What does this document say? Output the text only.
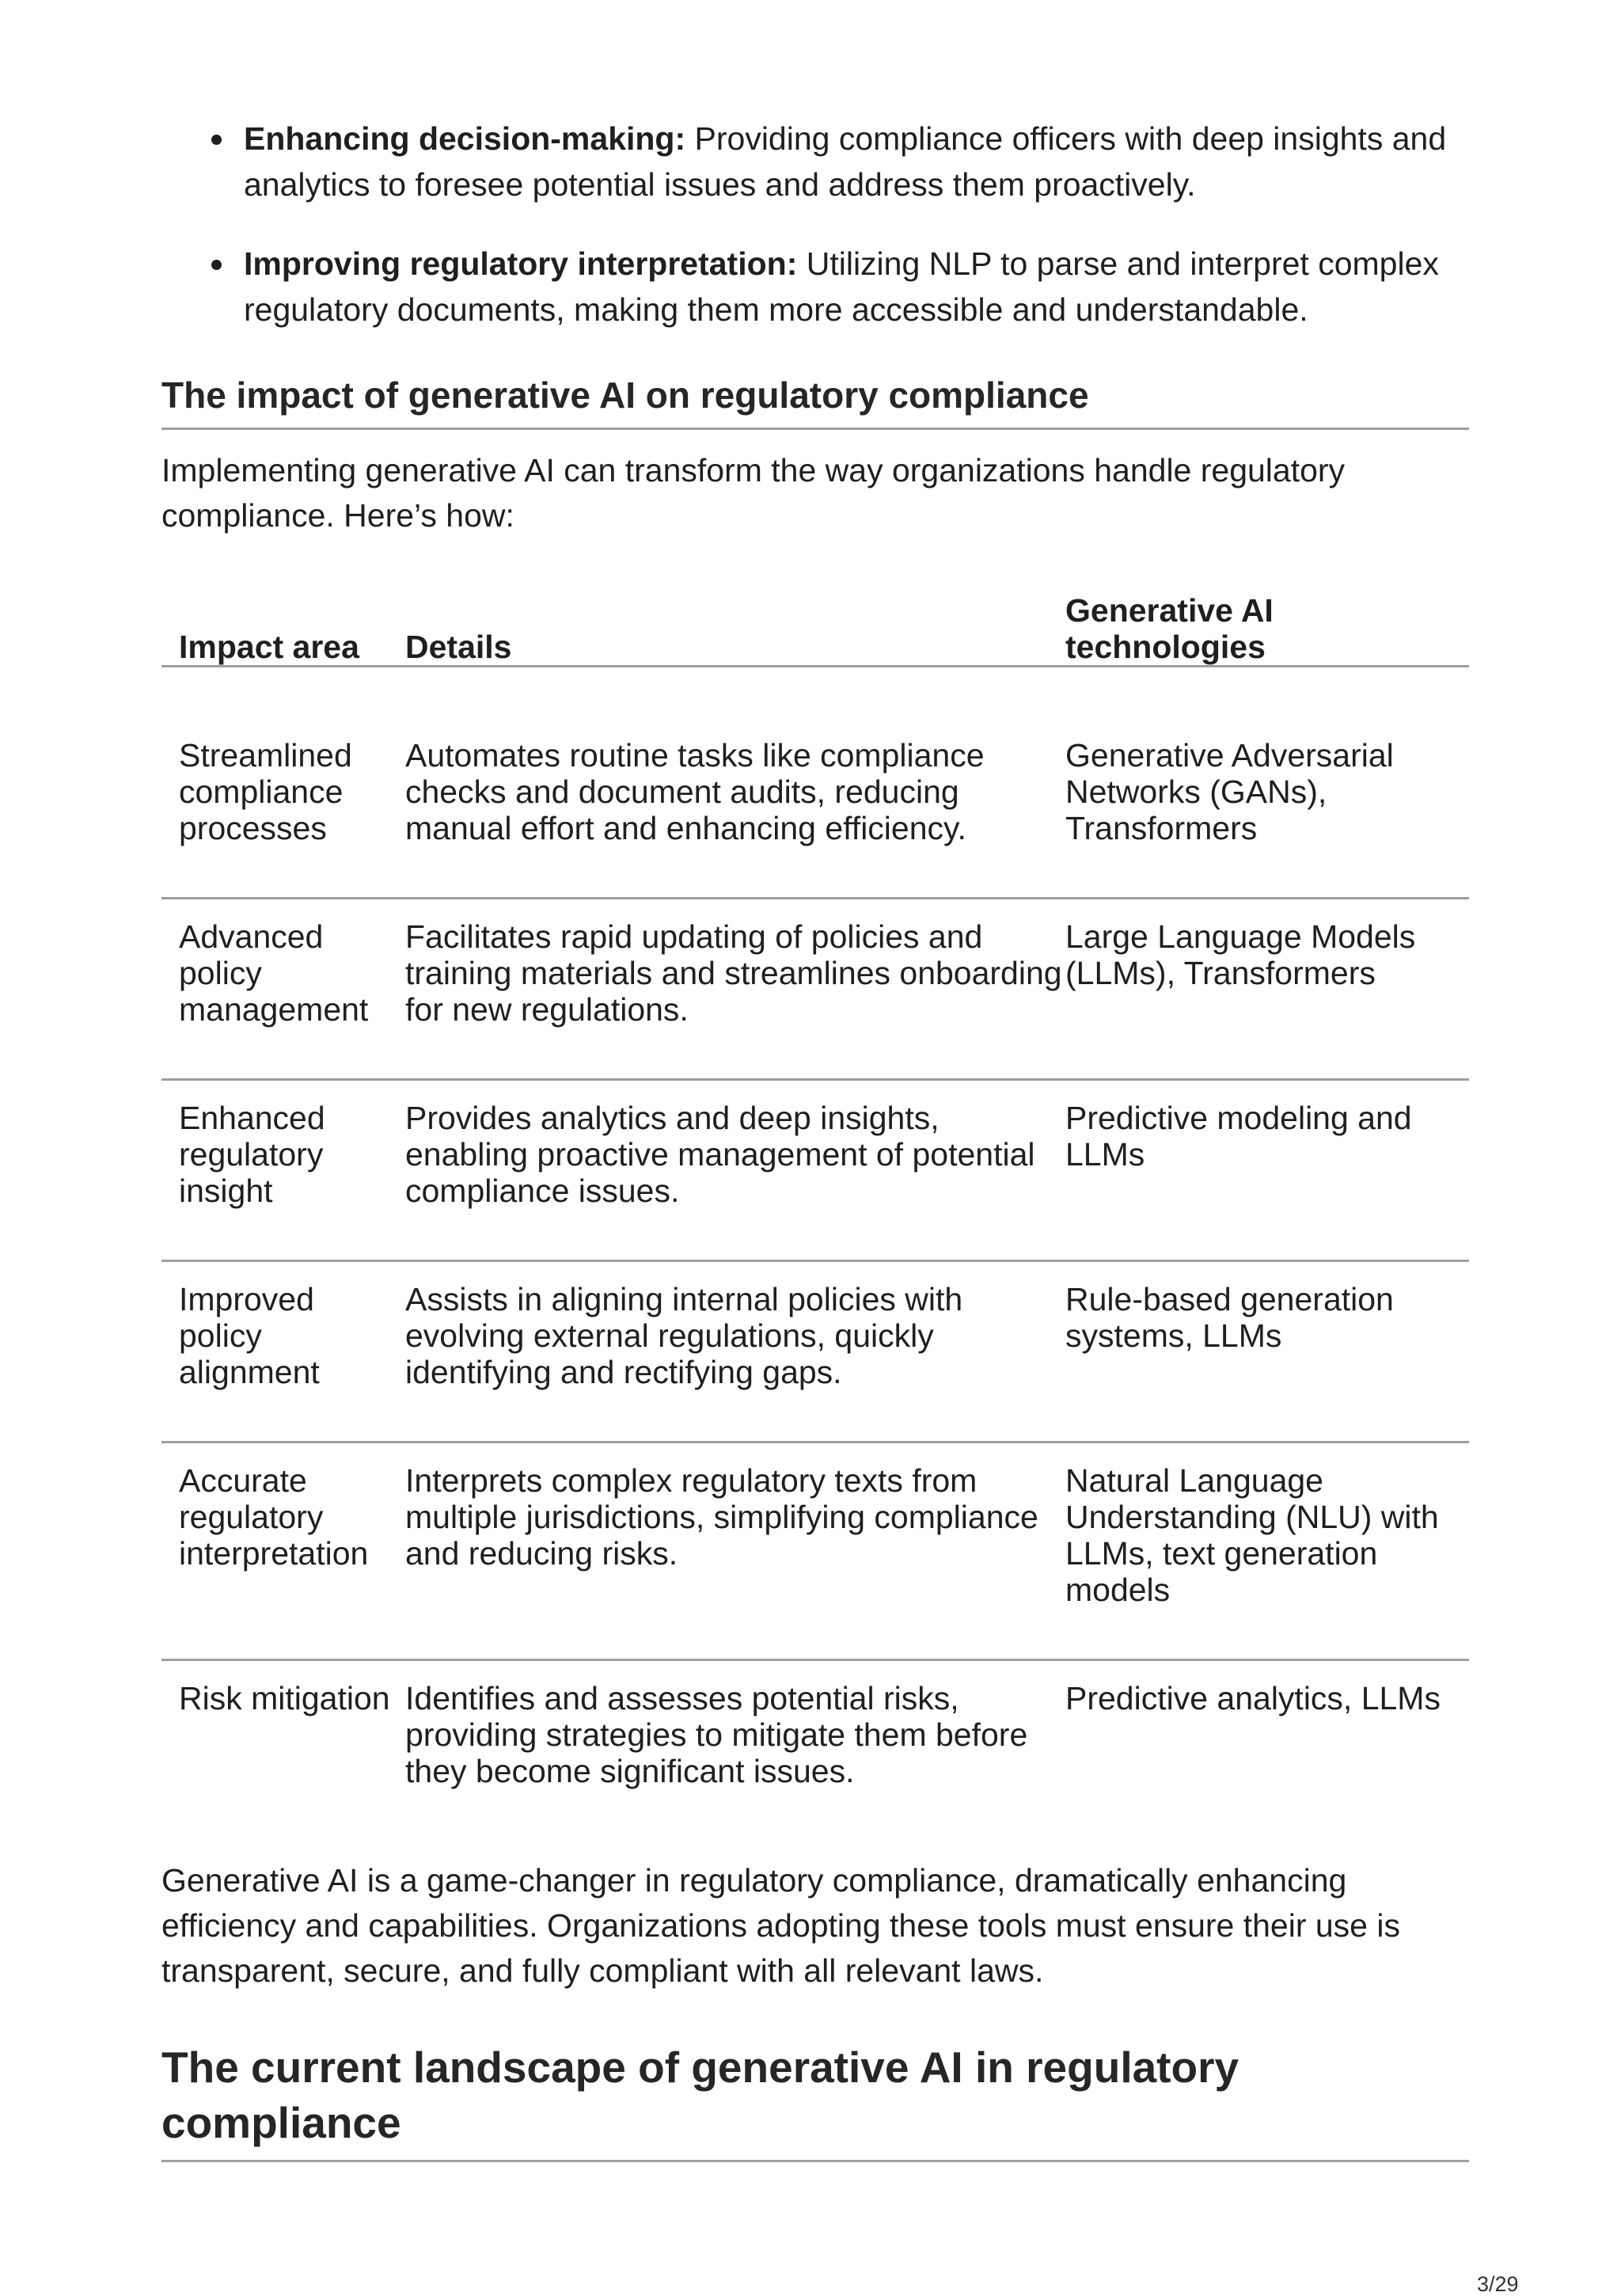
Enhancing decision-making: Providing compliance officers with deep insights and analytics to foresee potential issues and address them proactively.
Improving regulatory interpretation: Utilizing NLP to parse and interpret complex regulatory documents, making them more accessible and understandable.
The impact of generative AI on regulatory compliance
Implementing generative AI can transform the way organizations handle regulatory compliance. Here’s how:
Impact area	Details	Generative AI technologies

Streamlined compliance processes	Automates routine tasks like compliance checks and document audits, reducing manual effort and enhancing efficiency.	Generative Adversarial Networks (GANs), Transformers
Advanced policy management	Facilitates rapid updating of policies and training materials and streamlines onboarding for new regulations.	Large Language Models (LLMs), Transformers
Enhanced regulatory insight	Provides analytics and deep insights, enabling proactive management of potential compliance issues.	Predictive modeling and LLMs
Improved policy alignment	Assists in aligning internal policies with evolving external regulations, quickly identifying and rectifying gaps.	Rule-based generation systems, LLMs
Accurate regulatory interpretation	Interprets complex regulatory texts from multiple jurisdictions, simplifying compliance and reducing risks.	Natural Language Understanding (NLU) with LLMs, text generation models
Risk mitigation	Identifies and assesses potential risks, providing strategies to mitigate them before they become significant issues.	Predictive analytics, LLMs
Generative AI is a game-changer in regulatory compliance, dramatically enhancing efficiency and capabilities. Organizations adopting these tools must ensure their use is transparent, secure, and fully compliant with all relevant laws.
The current landscape of generative AI in regulatory compliance
3/29
